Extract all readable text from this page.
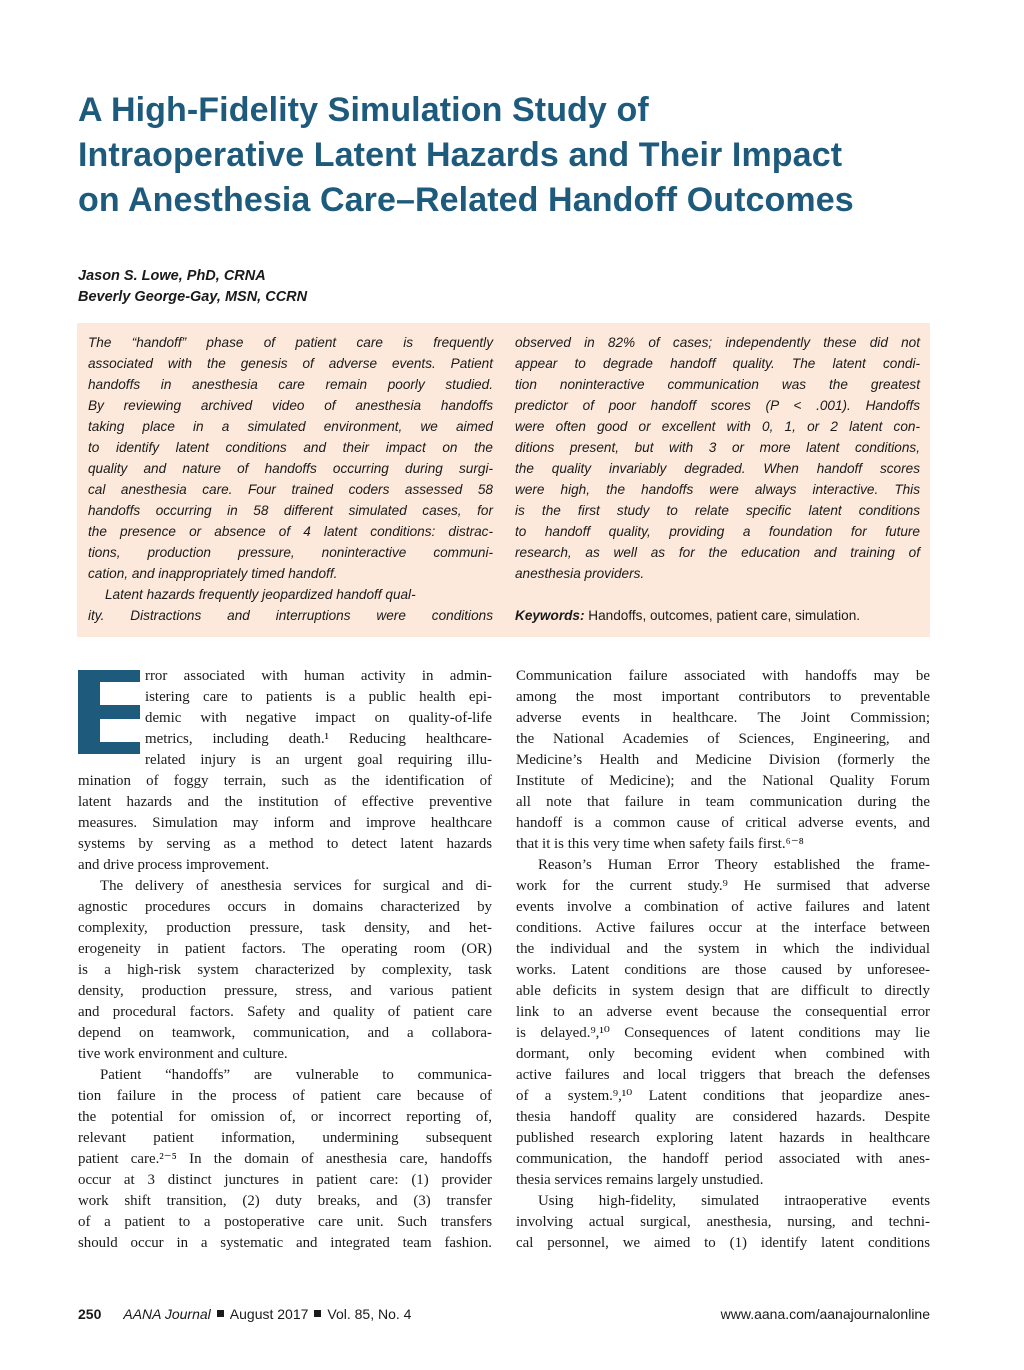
A High-Fidelity Simulation Study of
Intraoperative Latent Hazards and Their Impact
on Anesthesia Care–Related Handoff Outcomes
Jason S. Lowe, PhD, CRNA
Beverly George-Gay, MSN, CCRN
The “handoff” phase of patient care is frequently
associated with the genesis of adverse events. Patient
handoffs in anesthesia care remain poorly studied.
By reviewing archived video of anesthesia handoffs
taking place in a simulated environment, we aimed
to identify latent conditions and their impact on the
quality and nature of handoffs occurring during surgi-
cal anesthesia care. Four trained coders assessed 58
handoffs occurring in 58 different simulated cases, for
the presence or absence of 4 latent conditions: distrac-
tions, production pressure, noninteractive communi-
cation, and inappropriately timed handoff.
Latent hazards frequently jeopardized handoff qual-
ity. Distractions and interruptions were conditions
observed in 82% of cases; independently these did not
appear to degrade handoff quality. The latent condi-
tion noninteractive communication was the greatest
predictor of poor handoff scores (P < .001). Handoffs
were often good or excellent with 0, 1, or 2 latent con-
ditions present, but with 3 or more latent conditions,
the quality invariably degraded. When handoff scores
were high, the handoffs were always interactive. This
is the first study to relate specific latent conditions
to handoff quality, providing a foundation for future
research, as well as for the education and training of
anesthesia providers.
Keywords: Handoffs, outcomes, patient care, simulation.
rror associated with human activity in admin-
istering care to patients is a public health epi-
demic with negative impact on quality-of-life
metrics, including death.¹ Reducing healthcare-
related injury is an urgent goal requiring illu-
mination of foggy terrain, such as the identification of
latent hazards and the institution of effective preventive
measures. Simulation may inform and improve healthcare
systems by serving as a method to detect latent hazards
and drive process improvement.
The delivery of anesthesia services for surgical and di-
agnostic procedures occurs in domains characterized by
complexity, production pressure, task density, and het-
erogeneity in patient factors. The operating room (OR)
is a high-risk system characterized by complexity, task
density, production pressure, stress, and various patient
and procedural factors. Safety and quality of patient care
depend on teamwork, communication, and a collabora-
tive work environment and culture.
Patient “handoffs” are vulnerable to communica-
tion failure in the process of patient care because of
the potential for omission of, or incorrect reporting of,
relevant patient information, undermining subsequent
patient care.²⁻⁵ In the domain of anesthesia care, handoffs
occur at 3 distinct junctures in patient care: (1) provider
work shift transition, (2) duty breaks, and (3) transfer
of a patient to a postoperative care unit. Such transfers
should occur in a systematic and integrated team fashion.
Communication failure associated with handoffs may be
among the most important contributors to preventable
adverse events in healthcare. The Joint Commission;
the National Academies of Sciences, Engineering, and
Medicine’s Health and Medicine Division (formerly the
Institute of Medicine); and the National Quality Forum
all note that failure in team communication during the
handoff is a common cause of critical adverse events, and
that it is this very time when safety fails first.⁶⁻⁸
Reason’s Human Error Theory established the frame-
work for the current study.⁹ He surmised that adverse
events involve a combination of active failures and latent
conditions. Active failures occur at the interface between
the individual and the system in which the individual
works. Latent conditions are those caused by unforesee-
able deficits in system design that are difficult to directly
link to an adverse event because the consequential error
is delayed.⁹,¹⁰ Consequences of latent conditions may lie
dormant, only becoming evident when combined with
active failures and local triggers that breach the defenses
of a system.⁹,¹⁰ Latent conditions that jeopardize anes-
thesia handoff quality are considered hazards. Despite
published research exploring latent hazards in healthcare
communication, the handoff period associated with anes-
thesia services remains largely unstudied.
Using high-fidelity, simulated intraoperative events
involving actual surgical, anesthesia, nursing, and techni-
cal personnel, we aimed to (1) identify latent conditions
250 AANA Journal August 2017 Vol. 85, No. 4	www.aana.com/aanajournalonline
